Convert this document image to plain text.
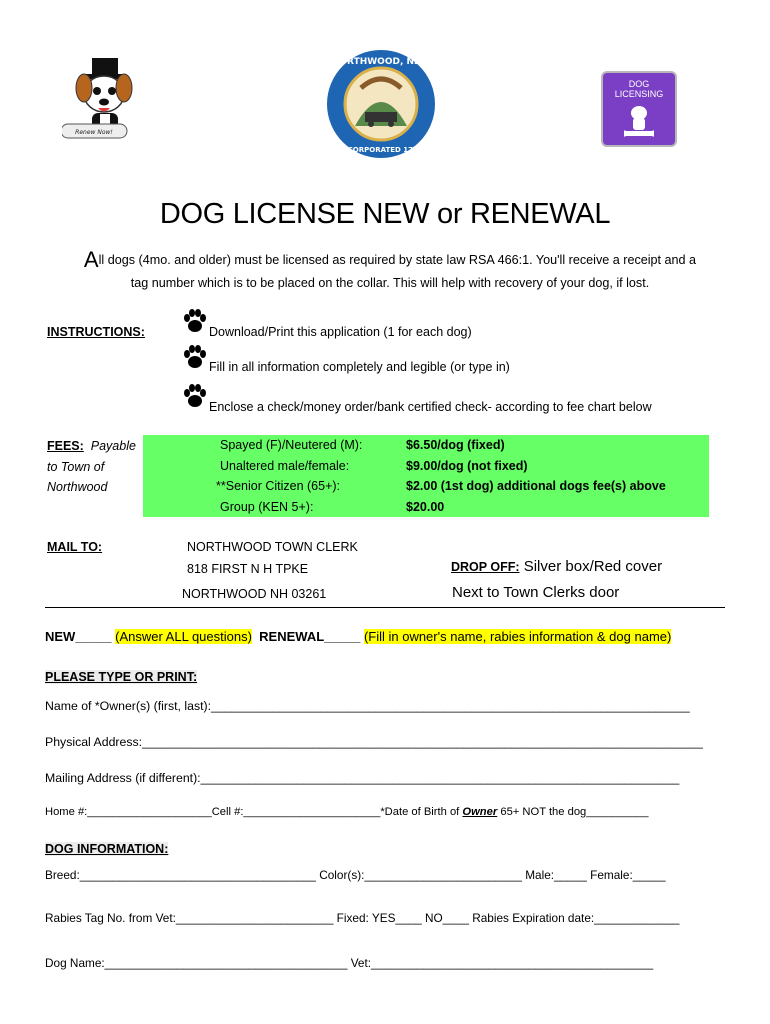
Renew Now!
NORTHWOOD, NEW
INCORPORATED 1773
DOG
LICENSING
DOG LICENSE NEW or RENEWAL
All dogs (4mo. and older) must be licensed as required by state law RSA 466:1. You'll receive a receipt and a
tag number which is to be placed on the collar. This will help with recovery of your dog, if lost.
INSTRUCTIONS:	Download/Print this application (1 for each dog)
Fill in all information completely and legible (or type in)
Enclose a check/money order/bank certified check- according to fee chart below
FEES: Payable
to Town of
Northwood
Spayed (F)/Neutered (M):	$6.50/dog (fixed)
Unaltered male/female:	$9.00/dog (not fixed)
**Senior Citizen (65+):	$2.00 (1st dog) additional dogs fee(s) above
Group (KEN 5+):	$20.00
MAIL TO:	NORTHWOOD TOWN CLERK
818 FIRST N H TPKE
NORTHWOOD NH 03261
DROP OFF: Silver box/Red cover
Next to Town Clerks door
NEW_____ (Answer ALL questions) RENEWAL_____ (Fill in owner's name, rabies information & dog name)
PLEASE TYPE OR PRINT:
Name of *Owner(s) (first, last):______________________________________________________________________
Physical Address:__________________________________________________________________________________
Mailing Address (if different):______________________________________________________________________
Home #:____________________Cell #:______________________*Date of Birth of Owner 65+ NOT the dog__________
DOG INFORMATION:
Breed:____________________________________ Color(s):________________________ Male:_____ Female:_____
Rabies Tag No. from Vet:________________________ Fixed: YES____ NO____ Rabies Expiration date:_____________
Dog Name:_____________________________________ Vet:___________________________________________
